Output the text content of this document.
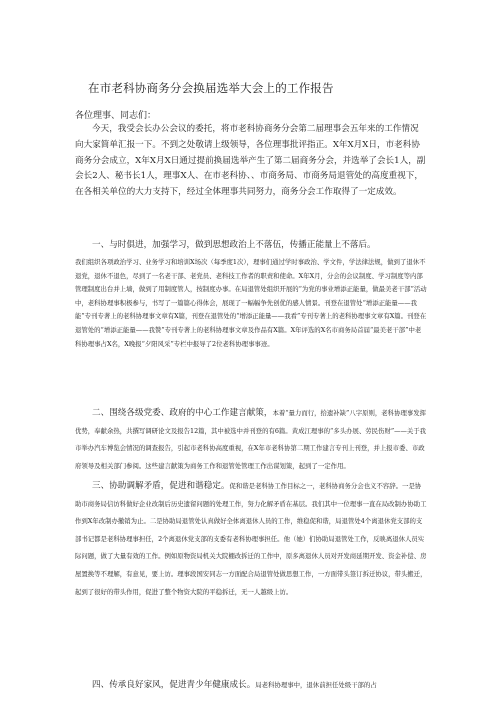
在市老科协商务分会换届选举大会上的工作报告
各位理事、同志们：

今天，我受会长办公会议的委托，将市老科协商务分会第二届理事会五年来的工作情况向大家简单汇报一下。不到之处敬请上级领导，各位理事批评指正。X年X月X日，市老科协商务分会成立，X年X月X日通过提前换届选举产生了第二届商务分会，并选举了会长1人，副会长2人、秘书长1人，理事X人、在市老科协、、市商务局、市商务局退管处的高度重视下，在各相关单位的大力支持下，经过全体理事共同努力，商务分会工作取得了一定成效。

一、与时俱进，加强学习，做到思想政治上不落伍，传播正能量上不落后。

我们组织各项政治学习、业务学习和培训X场次（每季度1次），理事们通过学时事政治、学文件，学法律法规，做到了退休不退党，退休不退色，尽到了一名老干部、老党员、老科技工作者的职责和使命。X年X月，分会的会议制度、学习制度等内部管理制度出台并上墙，做到了用制度管人，按制度办事。在局退管处组织开展的“为党的事业增添正能量，做最美老干部”活动中，老科协理事积极参与，书写了一篇篇心得体会，展现了一幅幅争先创优的感人情景。刊登在退管处“增添正能量——我能”专刊专著上的老科协理事文章有X篇，刊登在退管处的“增添正能量——我看”专刊专著上的老科协理事文章有X篇。刊登在退管处的“增添正能量——我赞”专刊专著上的老科协理事文章及作品有X篇。X年评选的X名市商务局首届“最美老干部”中老科协理事占X名，X晚报“夕阳风采”专栏中报导了2位老科协理事事迹。

二、围绕各级党委、政府的中心工作建言献策，本着“量力而行，拾遗补缺”八字原则，老科协理事发挥优势，奉献余热，共撰写调研论文及报告12篇，其中被选中并刊登的有6篇。黄成江理事的“多头办展、劳民伤财”——关于我市举办汽车博览会情况的调查报告，引起市老科协高度重视，在X年市老科协第二期工作建言专刊上刊登，并上报市委、市政府领导及相关部门参阅。这些建言献策为商务工作和退管处管理工作出谋划策，起到了一定作用。

三、协助调解矛盾，促进和谐稳定。促和谐是老科协工作目标之一，老科协商务分会也义不容辞。一是协助市商务局信访科做好企业改制后历史遗留问题的处理工作，努力化解矛盾在基层。我们其中一位理事一直在局改制办协助工作到X年改制办撤销为止。二是协助局退管处认真做好全体离退休人员的工作，维稳促和谐，局退管处4个离退休党支部的支部书记都是老科协理事担任，2个离退休党支部的支委有老科协理事担任。他（她）们协助局退管处工作，反映离退休人员实际问题，做了大量有效的工作。例如原物资局机关大院棚改拆迁的工作中，原多离退休人员对开发商延期开发、资金补偿、房屋置换等不理解，有意见，要上访。理事段国安同志一方面配合局退管处做思想工作，一方面带头签订拆迁协议，带头搬迁，起到了很好的带头作用，促进了整个物资大院的平稳拆迁，无一人越级上访。

四、传承良好家风，促进青少年健康成长。局老科协理事中，退休前担任处级干部的占
